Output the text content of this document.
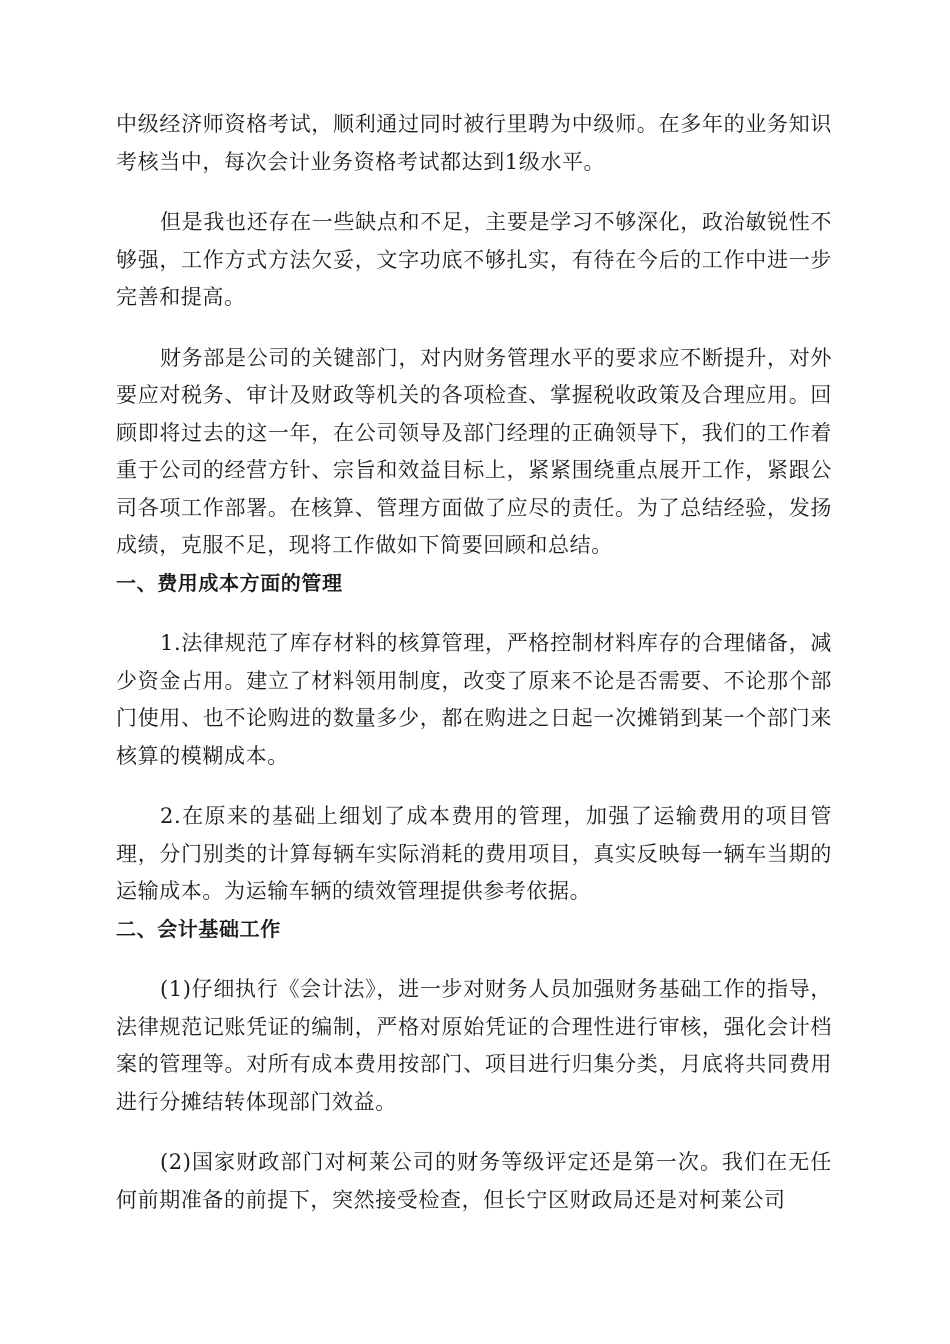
中级经济师资格考试，顺利通过同时被行里聘为中级师。在多年的业务知识考核当中，每次会计业务资格考试都达到1级水平。

但是我也还存在一些缺点和不足，主要是学习不够深化，政治敏锐性不够强，工作方式方法欠妥，文字功底不够扎实，有待在今后的工作中进一步完善和提高。

财务部是公司的关键部门，对内财务管理水平的要求应不断提升，对外要应对税务、审计及财政等机关的各项检查、掌握税收政策及合理应用。回顾即将过去的这一年，在公司领导及部门经理的正确领导下，我们的工作着重于公司的经营方针、宗旨和效益目标上，紧紧围绕重点展开工作，紧跟公司各项工作部署。在核算、管理方面做了应尽的责任。为了总结经验，发扬成绩，克服不足，现将工作做如下简要回顾和总结。

一、费用成本方面的管理

1.法律规范了库存材料的核算管理，严格控制材料库存的合理储备，减少资金占用。建立了材料领用制度，改变了原来不论是否需要、不论那个部门使用、也不论购进的数量多少，都在购进之日起一次摊销到某一个部门来核算的模糊成本。

2.在原来的基础上细划了成本费用的管理，加强了运输费用的项目管理，分门别类的计算每辆车实际消耗的费用项目，真实反映每一辆车当期的运输成本。为运输车辆的绩效管理提供参考依据。

二、会计基础工作

(1)仔细执行《会计法》，进一步对财务人员加强财务基础工作的指导，法律规范记账凭证的编制，严格对原始凭证的合理性进行审核，强化会计档案的管理等。对所有成本费用按部门、项目进行归集分类，月底将共同费用进行分摊结转体现部门效益。

(2)国家财政部门对柯莱公司的财务等级评定还是第一次。我们在无任何前期准备的前提下，突然接受检查，但长宁区财政局还是对柯莱公司
